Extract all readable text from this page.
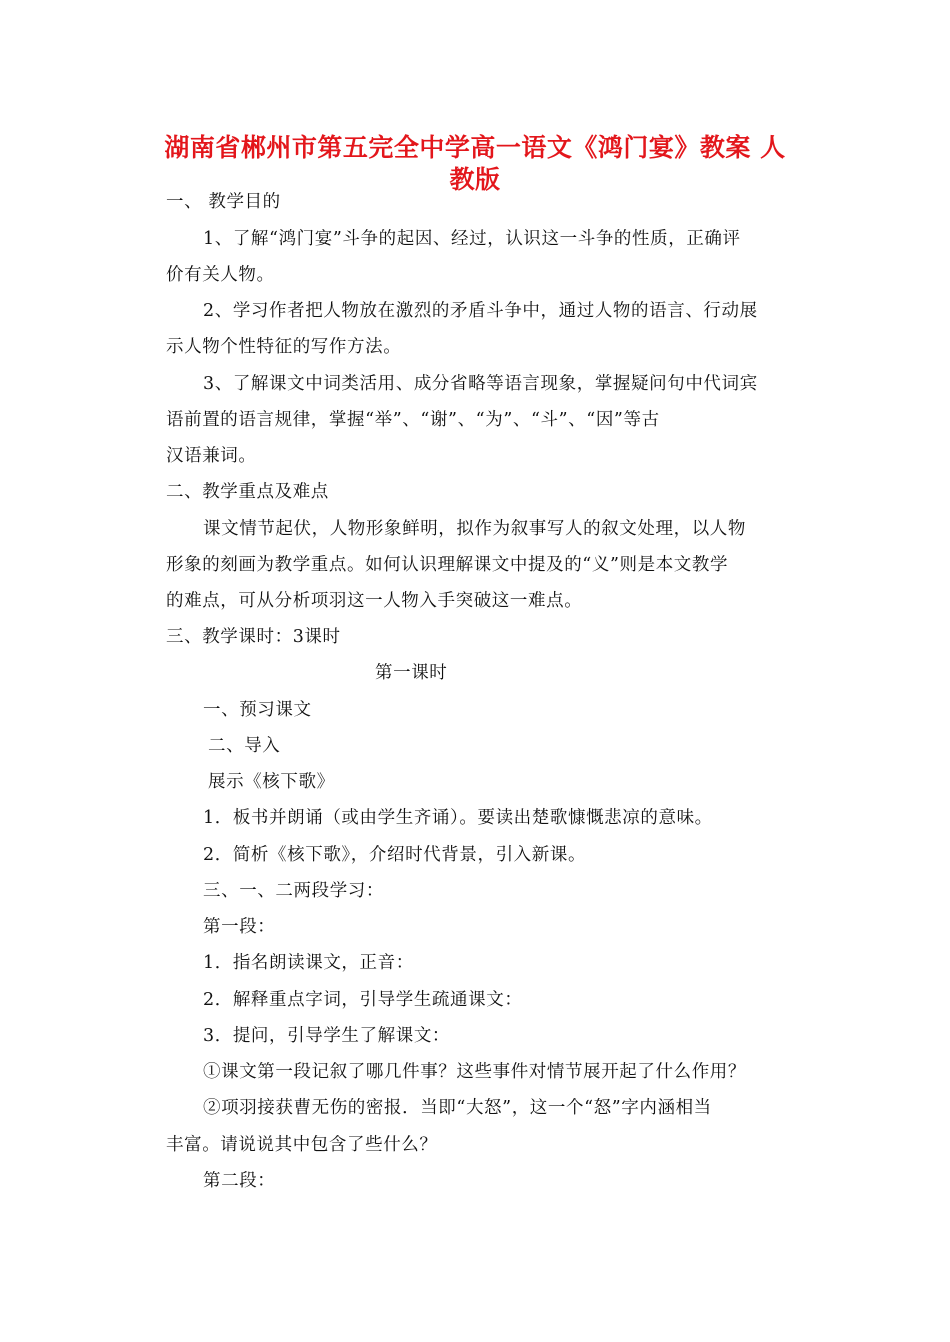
湖南省郴州市第五完全中学高一语文《鸿门宴》教案 人
教版
一、 教学目的
1、了解“鸿门宴”斗争的起因、经过，认识这一斗争的性质，正确评
价有关人物。
2、学习作者把人物放在激烈的矛盾斗争中，通过人物的语言、行动展
示人物个性特征的写作方法。
3、了解课文中词类活用、成分省略等语言现象，掌握疑问句中代词宾
语前置的语言规律，掌握“举”、“谢”、“为”、“斗”、“因”等古
汉语兼词。
二、教学重点及难点
课文情节起伏，人物形象鲜明，拟作为叙事写人的叙文处理，以人物
形象的刻画为教学重点。如何认识理解课文中提及的“义”则是本文教学
的难点，可从分析项羽这一人物入手突破这一难点。
三、教学课时：3课时
第一课时
一、预习课文
二、导入
展示《核下歌》
1．板书并朗诵（或由学生齐诵）。要读出楚歌慷慨悲凉的意味。
2．简析《核下歌》，介绍时代背景，引入新课。
三、一、二两段学习：
第一段：
1．指名朗读课文，正音：
2．解释重点字词，引导学生疏通课文：
3．提问，引导学生了解课文：
①课文第一段记叙了哪几件事？这些事件对情节展开起了什么作用？
②项羽接获曹无伤的密报．当即“大怒”，这一个“怒”字内涵相当
丰富。请说说其中包含了些什么？
第二段：
